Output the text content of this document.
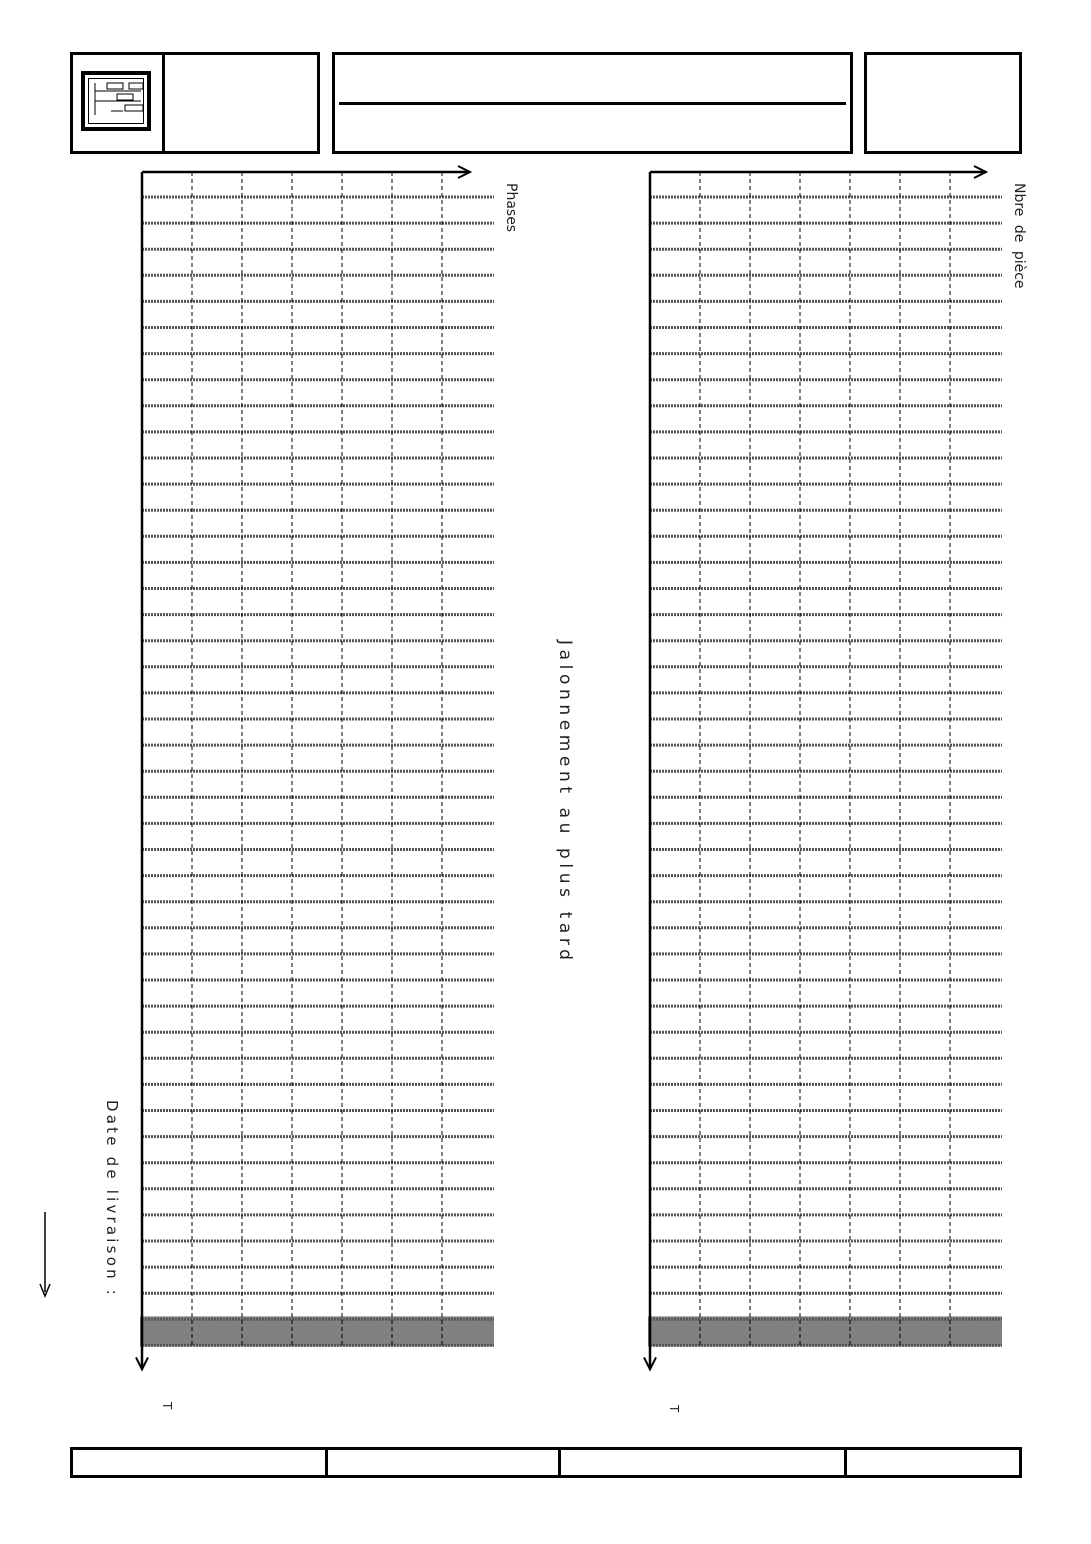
Phases	Nbre de pièce
Jalonnement au plus tard
Date de livraison :
T	T
